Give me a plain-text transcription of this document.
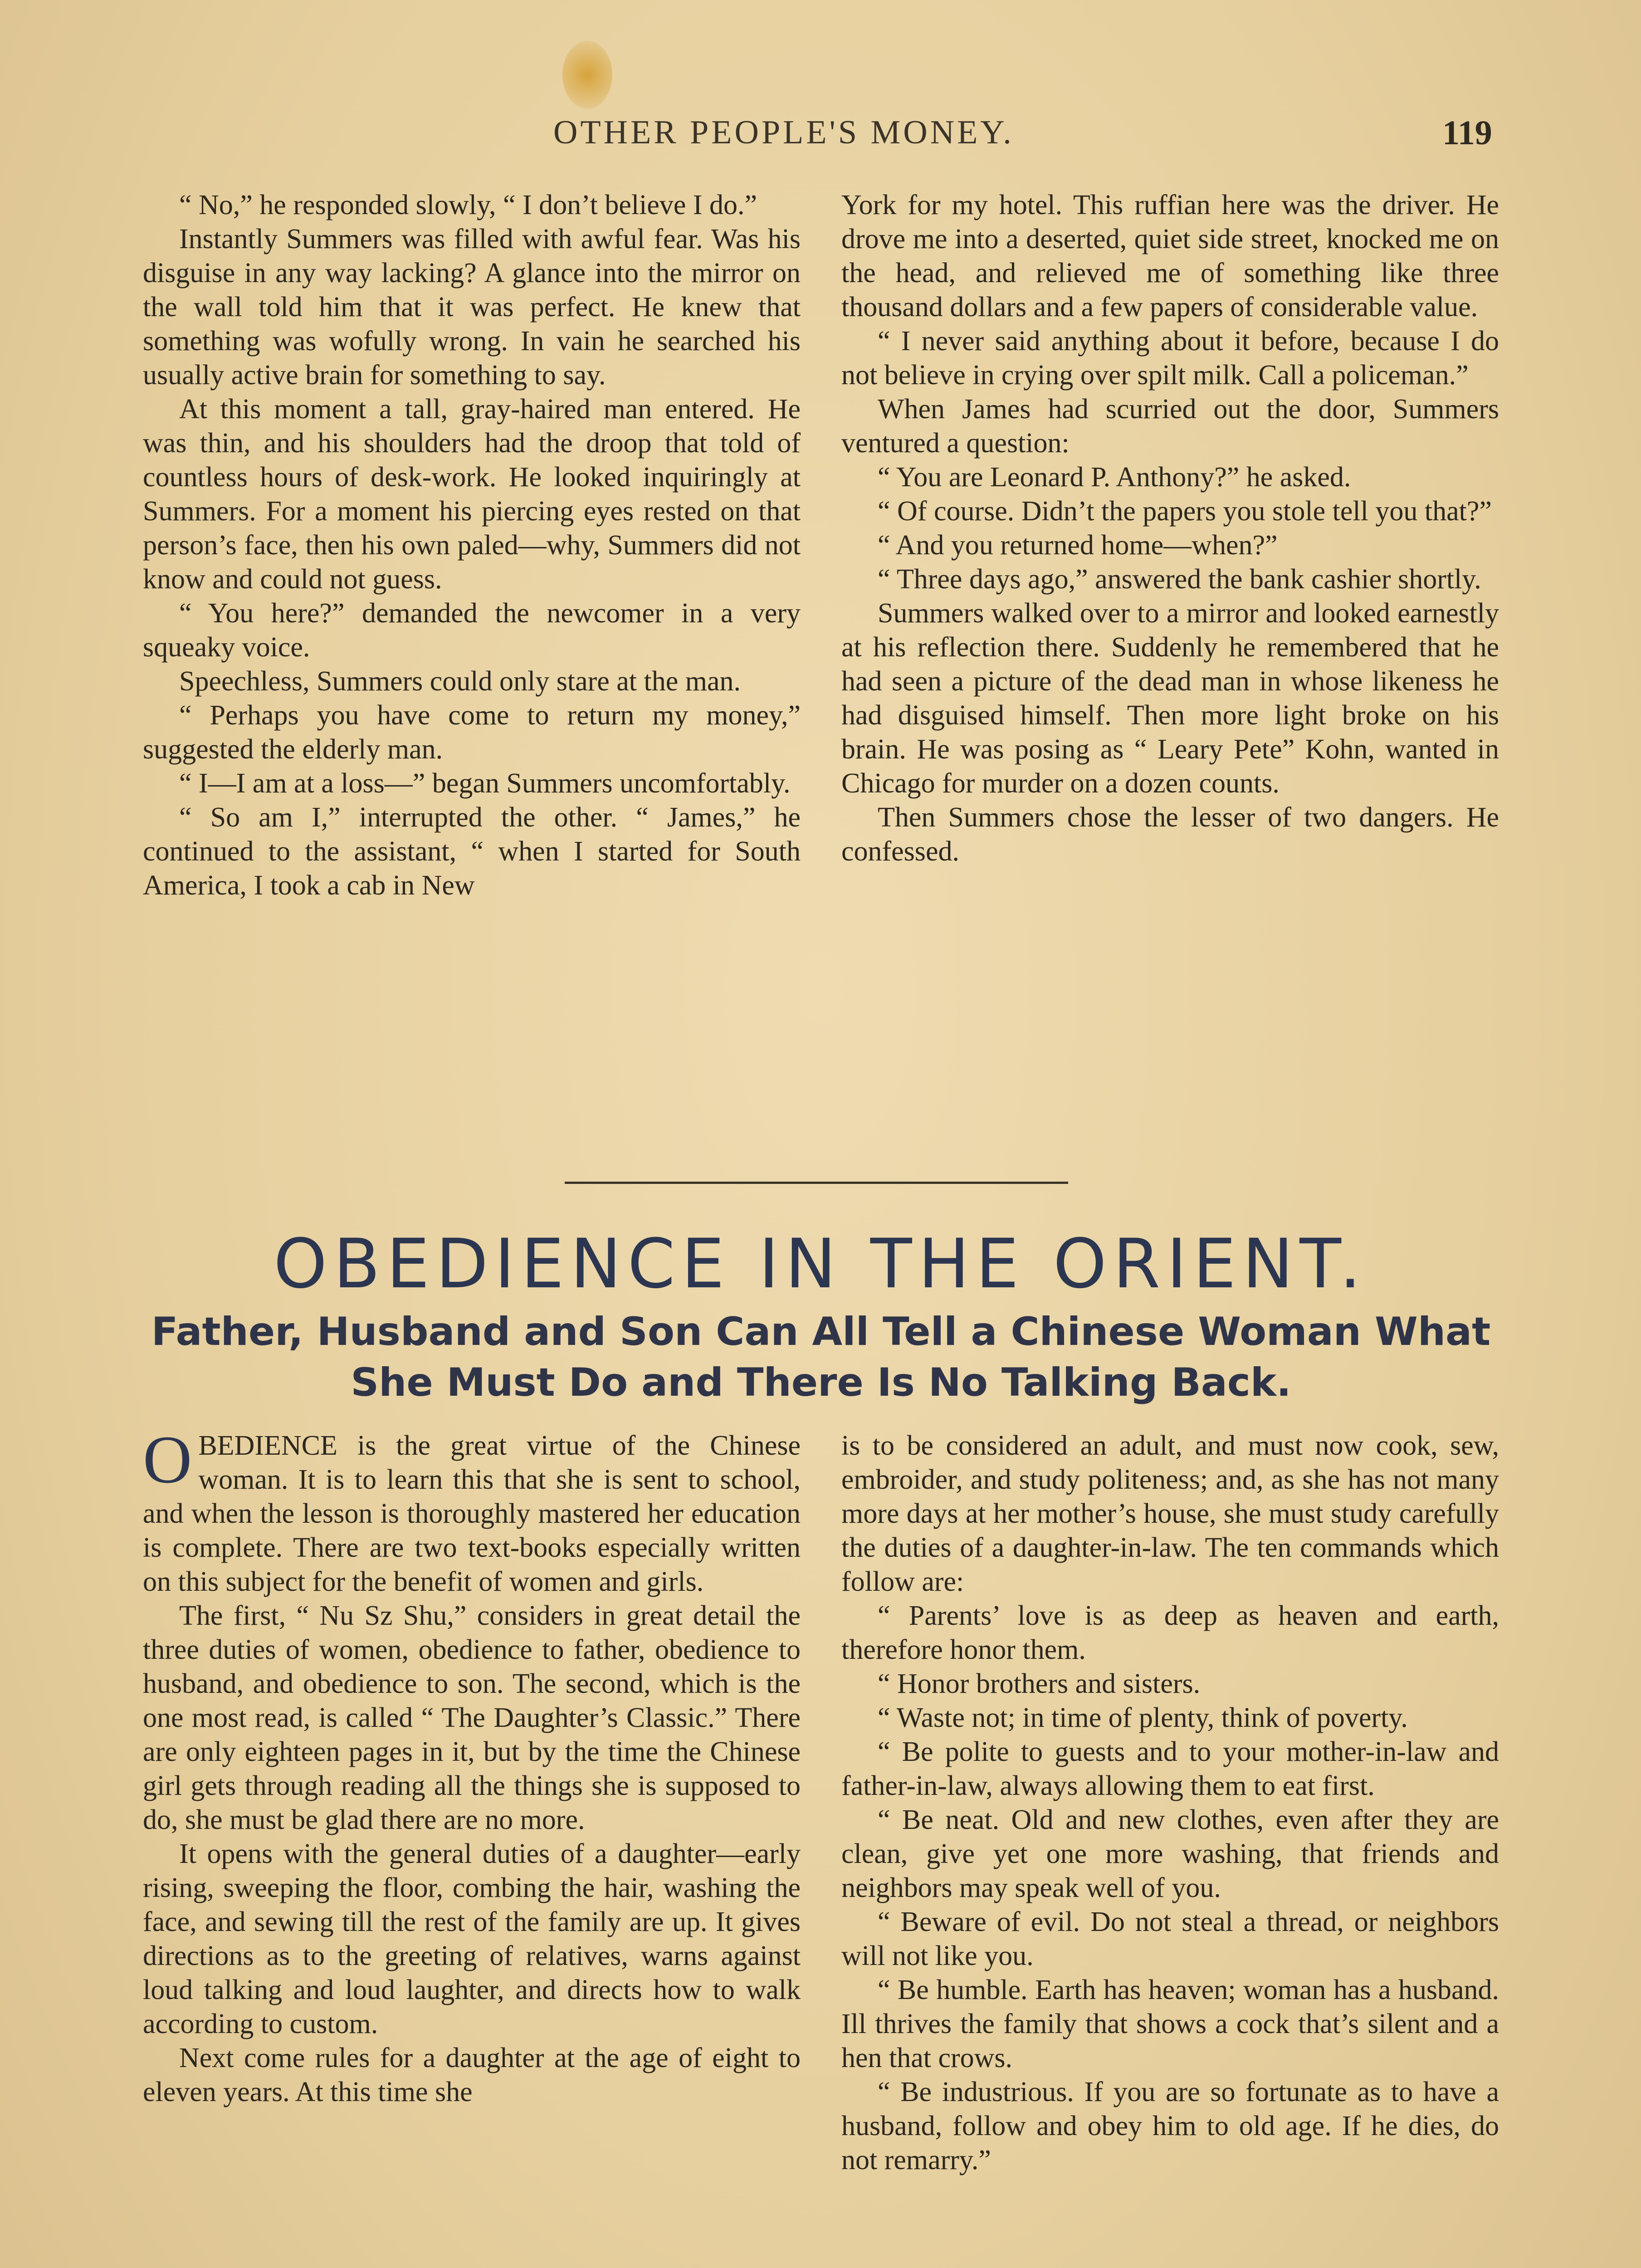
OTHER PEOPLE'S MONEY.	119

“ No,” he responded slowly, “ I don’t believe I do.”

Instantly Summers was filled with awful fear. Was his disguise in any way lacking? A glance into the mirror on the wall told him that it was perfect. He knew that something was wofully wrong. In vain he searched his usually active brain for something to say.

At this moment a tall, gray-haired man entered. He was thin, and his shoulders had the droop that told of countless hours of desk-work. He looked inquiringly at Summers. For a moment his piercing eyes rested on that person’s face, then his own paled—why, Summers did not know and could not guess.

“ You here?” demanded the newcomer in a very squeaky voice.

Speechless, Summers could only stare at the man.

“ Perhaps you have come to return my money,” suggested the elderly man.

“ I—I am at a loss—” began Summers uncomfortably.

“ So am I,” interrupted the other. “ James,” he continued to the assistant, “ when I started for South America, I took a cab in New

York for my hotel. This ruffian here was the driver. He drove me into a deserted, quiet side street, knocked me on the head, and relieved me of something like three thousand dollars and a few papers of considerable value.

“ I never said anything about it before, because I do not believe in crying over spilt milk. Call a policeman.”

When James had scurried out the door, Summers ventured a question:

“ You are Leonard P. Anthony?” he asked.

“ Of course. Didn’t the papers you stole tell you that?”

“ And you returned home—when?”

“ Three days ago,” answered the bank cashier shortly.

Summers walked over to a mirror and looked earnestly at his reflection there. Suddenly he remembered that he had seen a picture of the dead man in whose likeness he had disguised himself. Then more light broke on his brain. He was posing as “ Leary Pete” Kohn, wanted in Chicago for murder on a dozen counts.

Then Summers chose the lesser of two dangers. He confessed.

OBEDIENCE IN THE ORIENT.
Father, Husband and Son Can All Tell a Chinese Woman What She Must Do and There Is No Talking Back.

OBEDIENCE is the great virtue of the Chinese woman. It is to learn this that she is sent to school, and when the lesson is thoroughly mastered her education is complete. There are two text-books especially written on this subject for the benefit of women and girls.

The first, “ Nu Sz Shu,” considers in great detail the three duties of women, obedience to father, obedience to husband, and obedience to son. The second, which is the one most read, is called “ The Daughter’s Classic.” There are only eighteen pages in it, but by the time the Chinese girl gets through reading all the things she is supposed to do, she must be glad there are no more.

It opens with the general duties of a daughter—early rising, sweeping the floor, combing the hair, washing the face, and sewing till the rest of the family are up. It gives directions as to the greeting of relatives, warns against loud talking and loud laughter, and directs how to walk according to custom.

Next come rules for a daughter at the age of eight to eleven years. At this time she

is to be considered an adult, and must now cook, sew, embroider, and study politeness; and, as she has not many more days at her mother’s house, she must study carefully the duties of a daughter-in-law. The ten commands which follow are:

“ Parents’ love is as deep as heaven and earth, therefore honor them.

“ Honor brothers and sisters.

“ Waste not; in time of plenty, think of poverty.

“ Be polite to guests and to your mother-in-law and father-in-law, always allowing them to eat first.

“ Be neat. Old and new clothes, even after they are clean, give yet one more washing, that friends and neighbors may speak well of you.

“ Beware of evil. Do not steal a thread, or neighbors will not like you.

“ Be humble. Earth has heaven; woman has a husband. Ill thrives the family that shows a cock that’s silent and a hen that crows.

“ Be industrious. If you are so fortunate as to have a husband, follow and obey him to old age. If he dies, do not remarry.”
